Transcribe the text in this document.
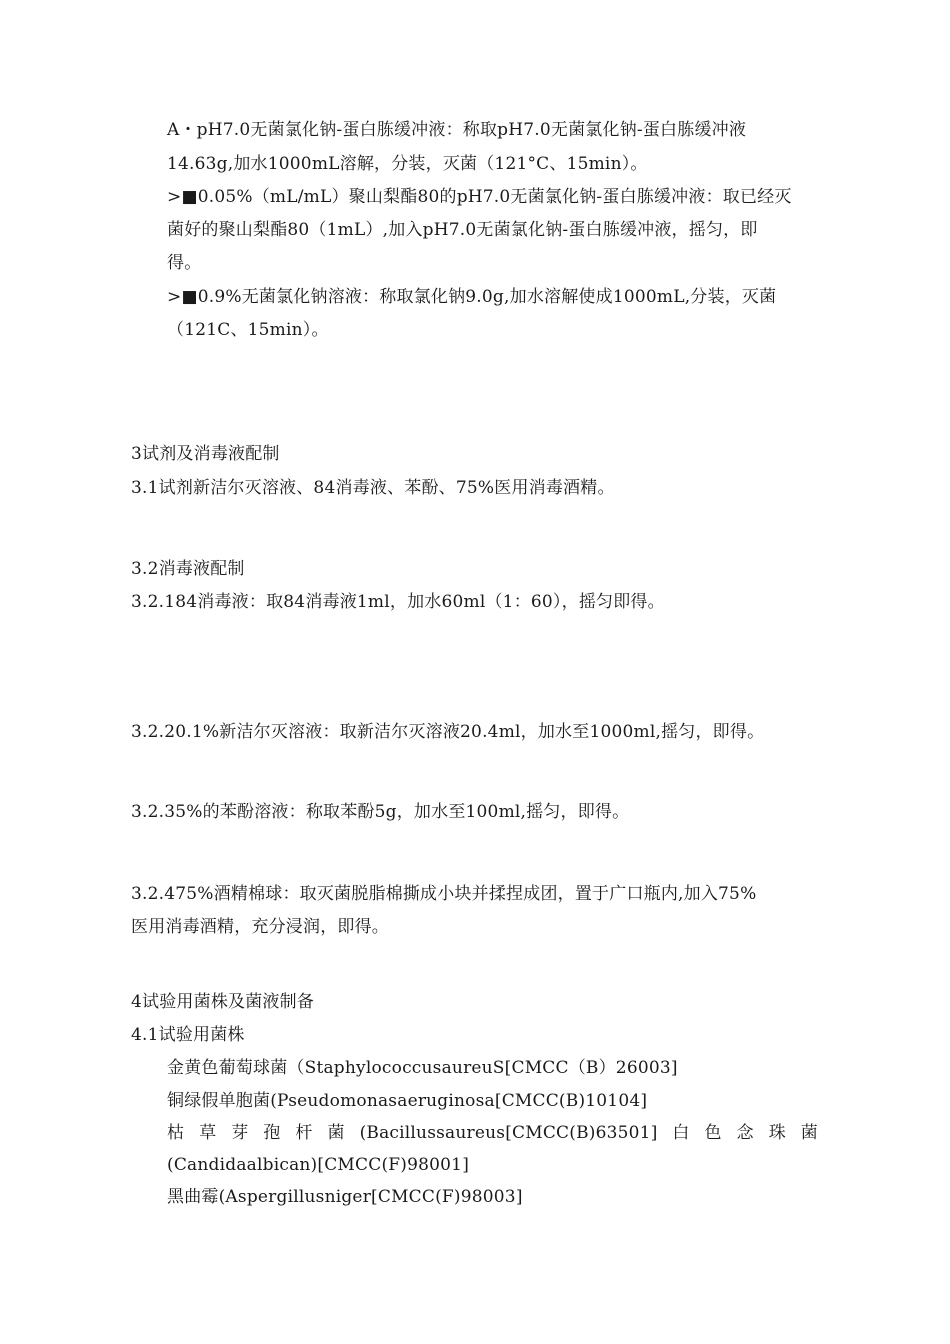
A・pH7.0无菌氯化钠-蛋白胨缓冲液：称取pH7.0无菌氯化钠-蛋白胨缓冲液
14.63g,加水1000mL溶解，分装，灭菌（121°C、15min）。
>■0.05%（mL/mL）聚山梨酯80的pH7.0无菌氯化钠-蛋白胨缓冲液：取已经灭
菌好的聚山梨酯80（1mL）,加入pH7.0无菌氯化钠-蛋白胨缓冲液，摇匀，即
得。
>■0.9%无菌氯化钠溶液：称取氯化钠9.0g,加水溶解使成1000mL,分装，灭菌
（121C、15min）。
3试剂及消毒液配制
3.1试剂新洁尔灭溶液、84消毒液、苯酚、75%医用消毒酒精。
3.2消毒液配制
3.2.184消毒液：取84消毒液1ml，加水60ml（1：60），摇匀即得。
3.2.20.1%新洁尔灭溶液：取新洁尔灭溶液20.4ml，加水至1000ml,摇匀，即得。
3.2.35%的苯酚溶液：称取苯酚5g，加水至100ml,摇匀，即得。
3.2.475%酒精棉球：取灭菌脱脂棉撕成小块并揉捏成团，置于广口瓶内,加入75%
医用消毒酒精，充分浸润，即得。
4试验用菌株及菌液制备
4.1试验用菌株
金黄色葡萄球菌（StaphylococcusaureuS[CMCC（B）26003]
铜绿假单胞菌(Pseudomonasaeruginosa[CMCC(B)10104]
枯 草 芽 孢 杆 菌 (Bacillussaureus[CMCC(B)63501] 白 色 念 珠 菌
(Candidaalbican)[CMCC(F)98001]
黑曲霉(Aspergillusniger[CMCC(F)98003]
